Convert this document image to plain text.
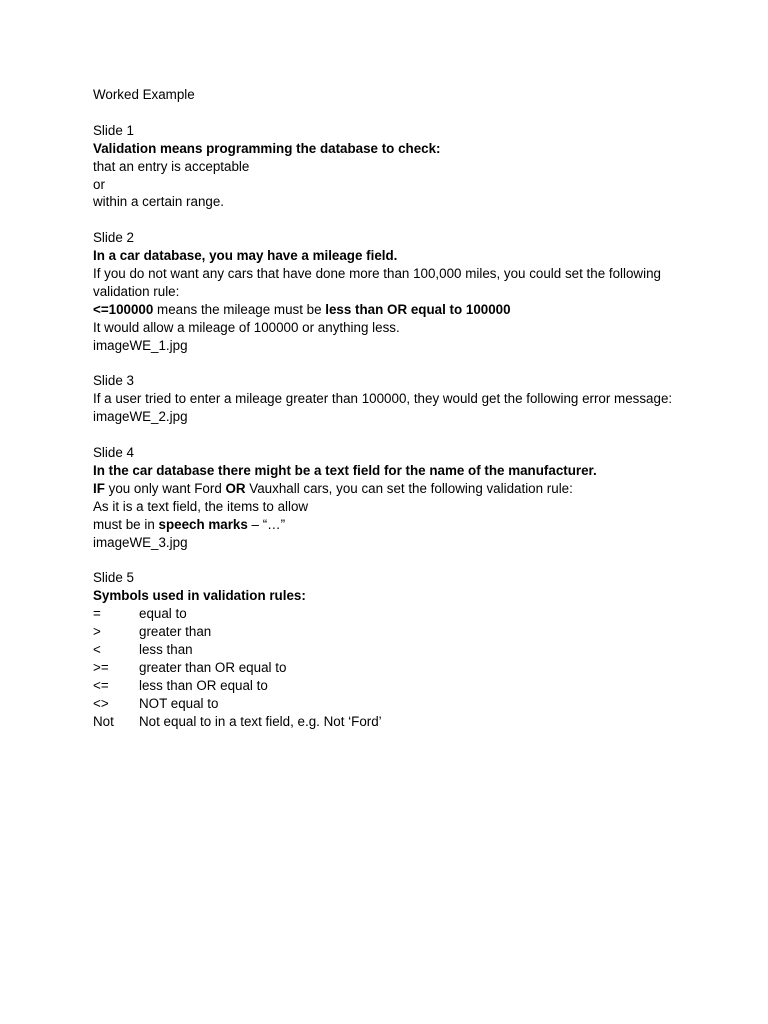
Worked Example
Slide 1
Validation means programming the database to check:
that an entry is acceptable
or
within a certain range.
Slide 2
In a car database, you may have a mileage field.
If you do not want any cars that have done more than 100,000 miles, you could set the following validation rule:
<=100000 means the mileage must be less than OR equal to 100000
It would allow a mileage of 100000 or anything less.
imageWE_1.jpg
Slide 3
If a user tried to enter a mileage greater than 100000, they would get the following error message:
imageWE_2.jpg
Slide 4
In the car database there might be a text field for the name of the manufacturer.
IF you only want Ford OR Vauxhall cars, you can set the following validation rule:
As it is a text field, the items to allow
must be in speech marks – “…”
imageWE_3.jpg
Slide 5
Symbols used in validation rules:
=	equal to
>	greater than
<	less than
>=	greater than OR equal to
<=	less than OR equal to
<>	NOT equal to
Not	Not equal to in a text field, e.g. Not ‘Ford’
